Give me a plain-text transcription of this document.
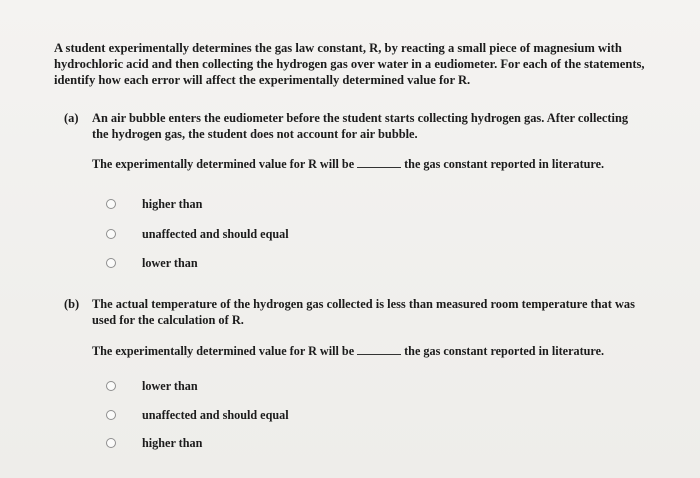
A student experimentally determines the gas law constant, R, by reacting a small piece of magnesium with hydrochloric acid and then collecting the hydrogen gas over water in a eudiometer. For each of the statements, identify how each error will affect the experimentally determined value for R.
(a) An air bubble enters the eudiometer before the student starts collecting hydrogen gas. After collecting the hydrogen gas, the student does not account for air bubble.
The experimentally determined value for R will be	the gas constant reported in literature.
higher than
unaffected and should equal
lower than
(b) The actual temperature of the hydrogen gas collected is less than measured room temperature that was used for the calculation of R.
The experimentally determined value for R will be	the gas constant reported in literature.
lower than
unaffected and should equal
higher than
